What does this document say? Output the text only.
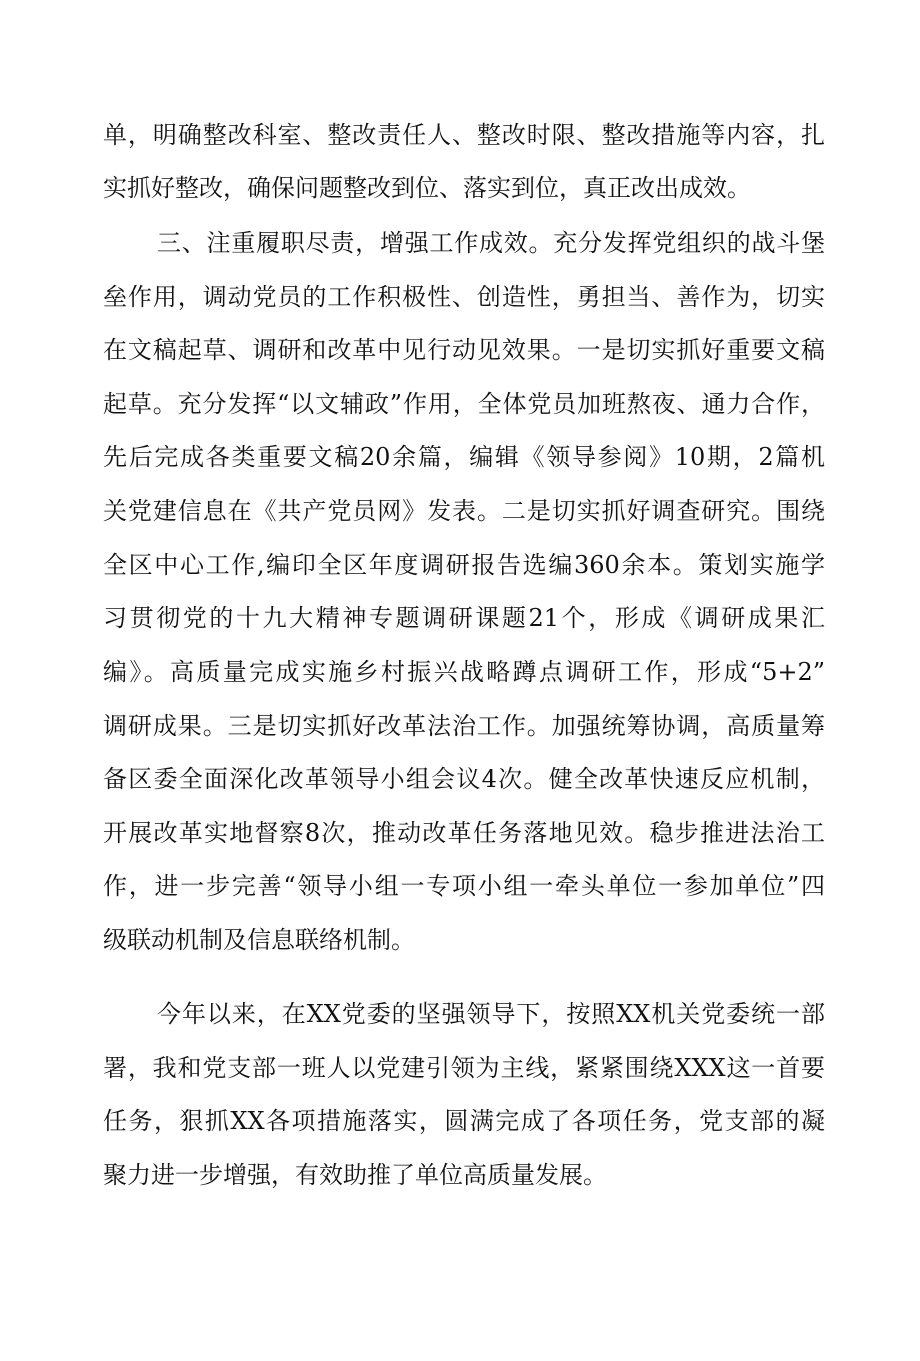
单，明确整改科室、整改责任人、整改时限、整改措施等内容，扎

实抓好整改，确保问题整改到位、落实到位，真正改出成效。

三、注重履职尽责，增强工作成效。充分发挥党组织的战斗堡

垒作用，调动党员的工作积极性、创造性，勇担当、善作为，切实

在文稿起草、调研和改革中见行动见效果。一是切实抓好重要文稿

起草。充分发挥“以文辅政”作用，全体党员加班熬夜、通力合作，

先后完成各类重要文稿20余篇，编辑《领导参阅》10期，2篇机

关党建信息在《共产党员网》发表。二是切实抓好调查研究。围绕

全区中心工作,编印全区年度调研报告选编360余本。策划实施学

习贯彻党的十九大精神专题调研课题21个，形成《调研成果汇

编》。高质量完成实施乡村振兴战略蹲点调研工作，形成“5+2”

调研成果。三是切实抓好改革法治工作。加强统筹协调，高质量筹

备区委全面深化改革领导小组会议4次。健全改革快速反应机制，

开展改革实地督察8次，推动改革任务落地见效。稳步推进法治工

作，进一步完善“领导小组一专项小组一牵头单位一参加单位”四

级联动机制及信息联络机制。

今年以来，在XX党委的坚强领导下，按照XX机关党委统一部

署，我和党支部一班人以党建引领为主线，紧紧围绕XXX这一首要

任务，狠抓XX各项措施落实，圆满完成了各项任务，党支部的凝

聚力进一步增强，有效助推了单位高质量发展。
